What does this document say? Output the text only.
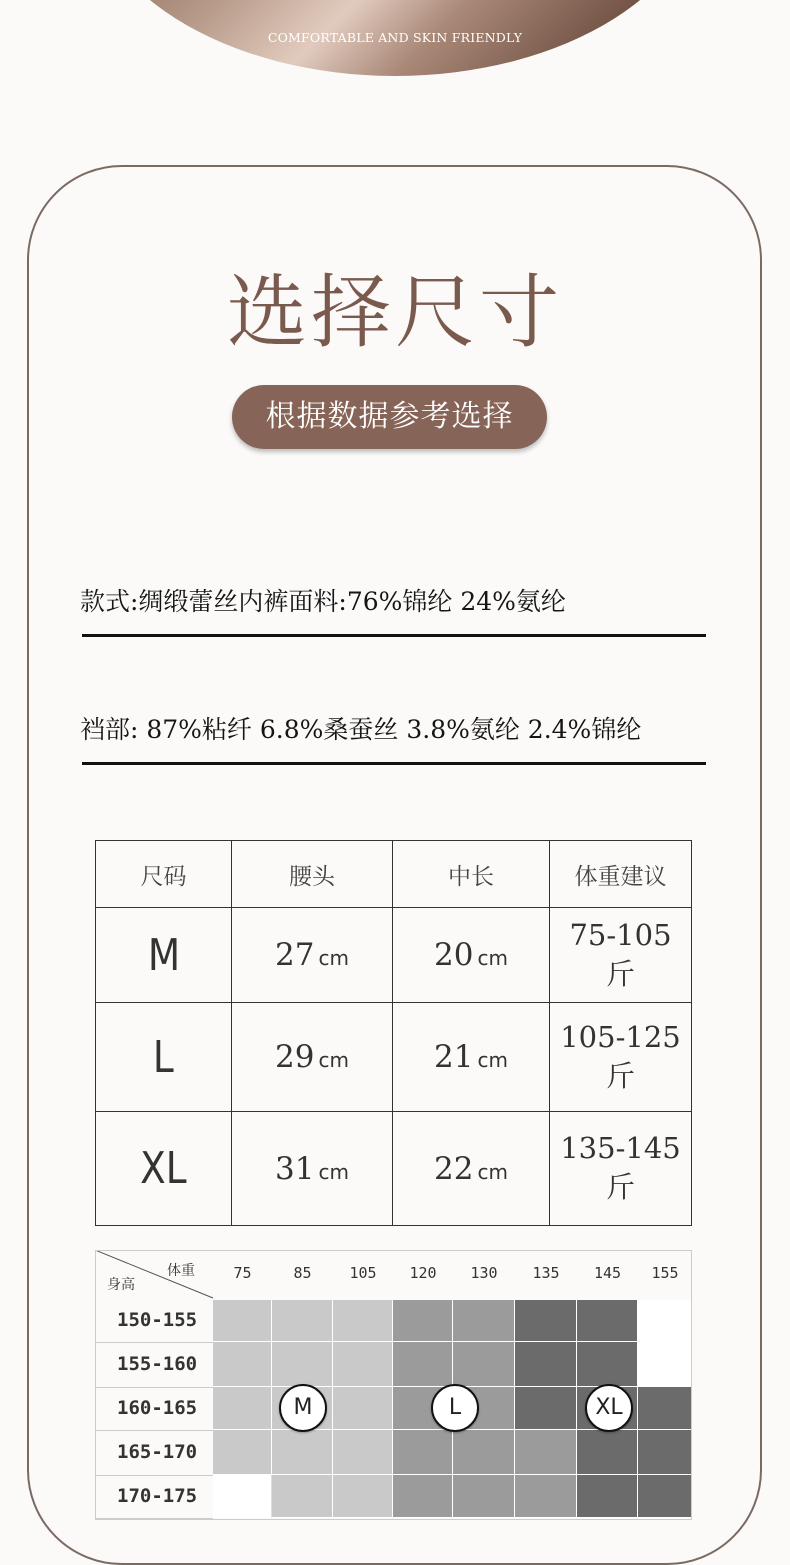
COMFORTABLE AND SKIN FRIENDLY
选择尺寸
根据数据参考选择
款式:绸缎蕾丝内裤面料:76%锦纶 24%氨纶
裆部: 87%粘纤 6.8%桑蚕丝 3.8%氨纶 2.4%锦纶
尺码	腰头	中长	体重建议
M	27 cm	20 cm	75-105 斤
L	29 cm	21 cm	105-125斤
XL	31 cm	22 cm	135-145斤
体重
身高
75	85	105	120	130	135	145	155
150-155
155-160
160-165
165-170
170-175
M	L	XL
